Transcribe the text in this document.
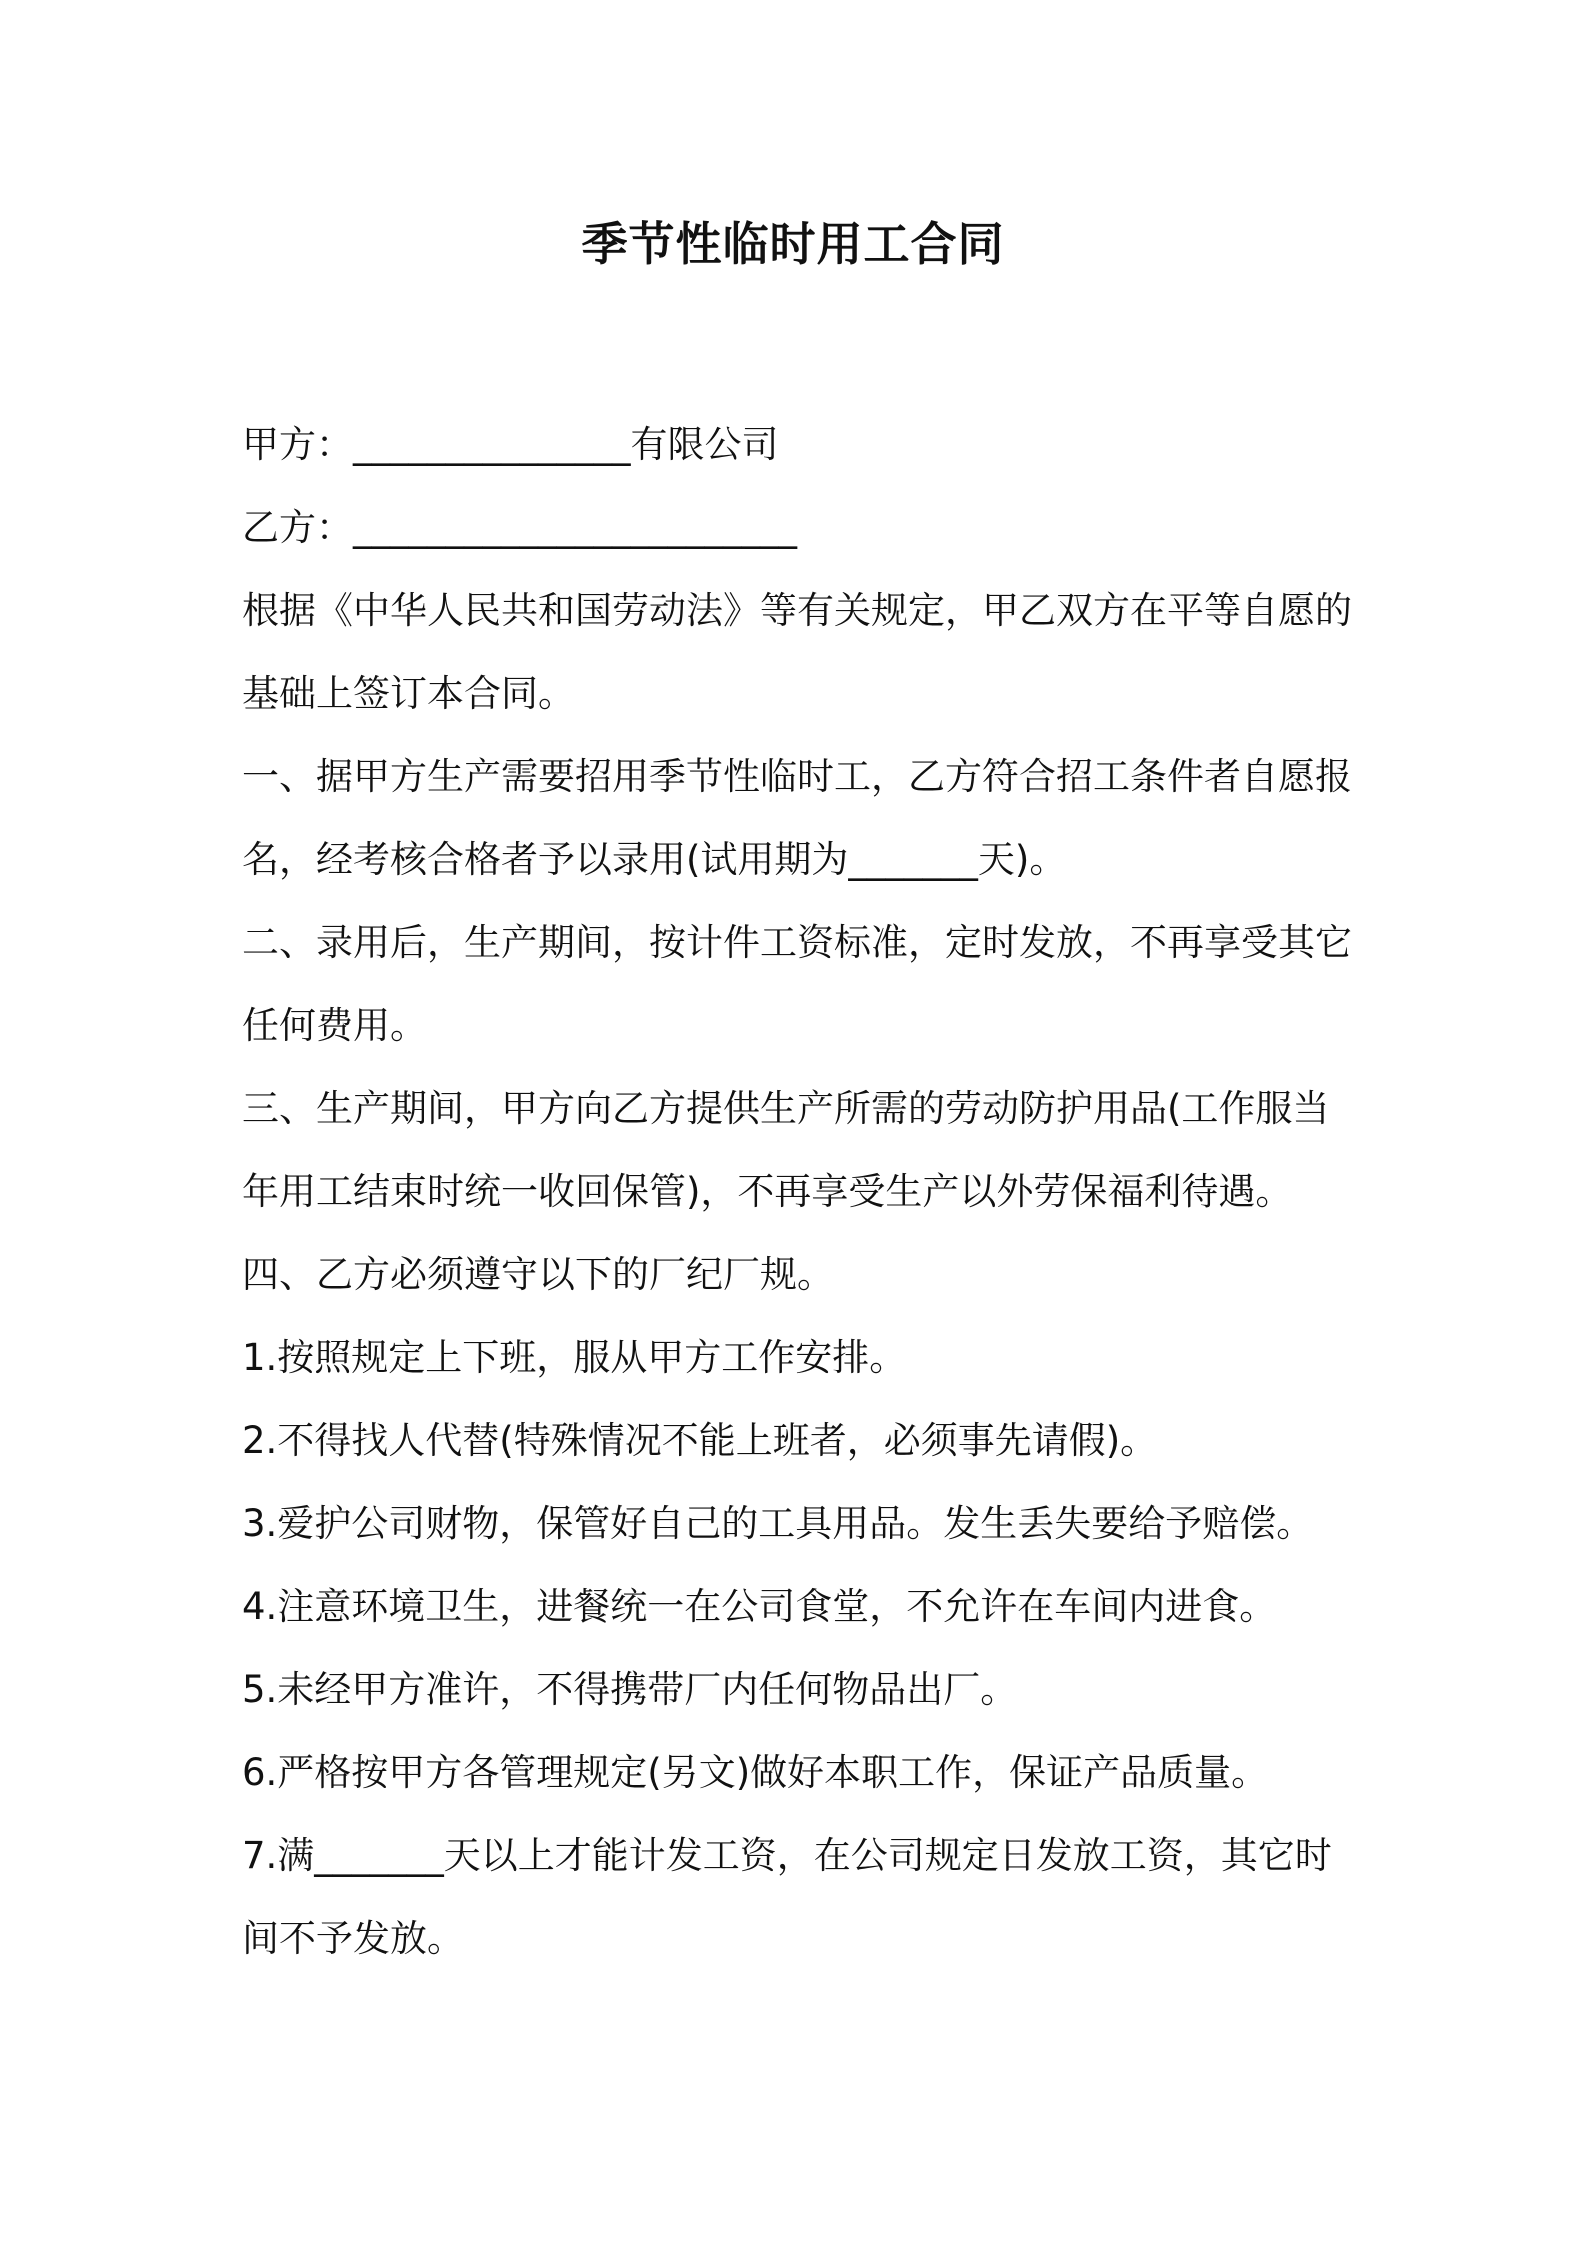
季节性临时用工合同
甲方：_______________有限公司
乙方：________________________
根据《中华人民共和国劳动法》等有关规定，甲乙双方在平等自愿的
基础上签订本合同。
一、据甲方生产需要招用季节性临时工，乙方符合招工条件者自愿报
名，经考核合格者予以录用(试用期为_______天)。
二、录用后，生产期间，按计件工资标准，定时发放，不再享受其它
任何费用。
三、生产期间，甲方向乙方提供生产所需的劳动防护用品(工作服当
年用工结束时统一收回保管)，不再享受生产以外劳保福利待遇。
四、乙方必须遵守以下的厂纪厂规。
1.按照规定上下班，服从甲方工作安排。
2.不得找人代替(特殊情况不能上班者，必须事先请假)。
3.爱护公司财物，保管好自己的工具用品。发生丢失要给予赔偿。
4.注意环境卫生，进餐统一在公司食堂，不允许在车间内进食。
5.未经甲方准许，不得携带厂内任何物品出厂。
6.严格按甲方各管理规定(另文)做好本职工作，保证产品质量。
7.满_______天以上才能计发工资，在公司规定日发放工资，其它时
间不予发放。
